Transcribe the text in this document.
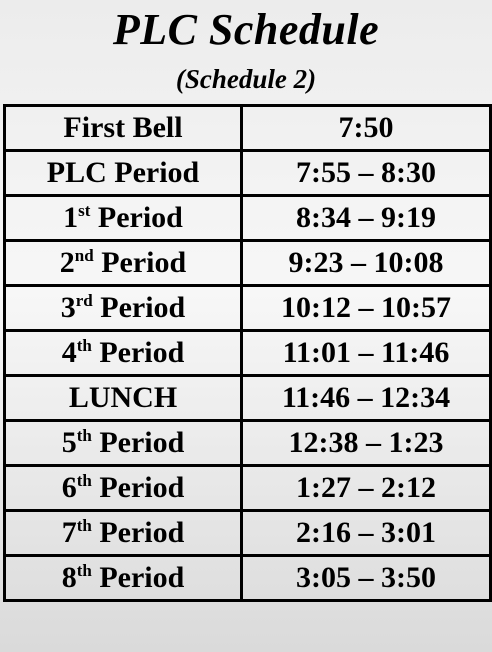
PLC Schedule
(Schedule 2)
First Bell	7:50
PLC Period	7:55 – 8:30
1st Period	8:34 – 9:19
2nd Period	9:23 – 10:08
3rd Period	10:12 – 10:57
4th Period	11:01 – 11:46
LUNCH	11:46 – 12:34
5th Period	12:38 – 1:23
6th Period	1:27 – 2:12
7th Period	2:16 – 3:01
8th Period	3:05 – 3:50
